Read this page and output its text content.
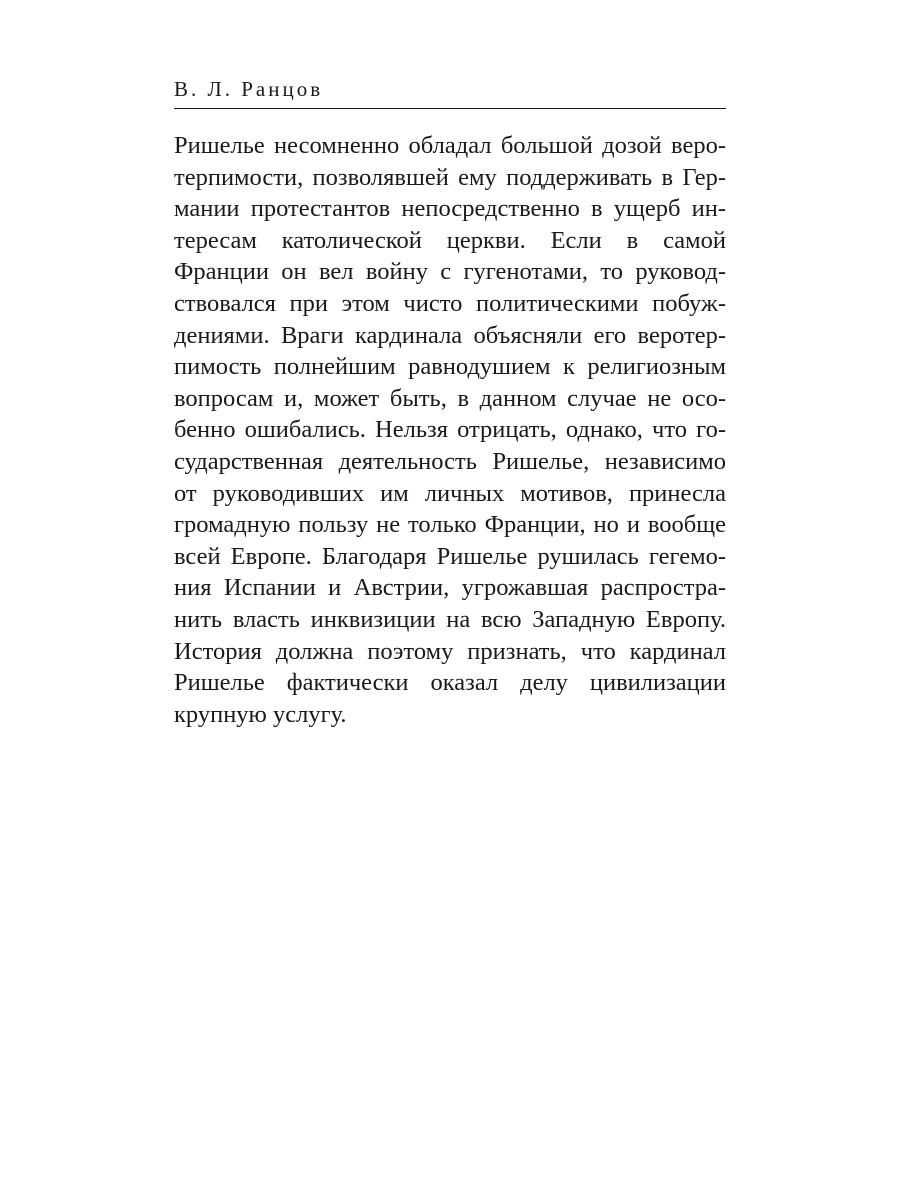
В. Л. Ранцов
Ришелье несомненно обладал большой дозой веро-
терпимости, позволявшей ему поддерживать в Гер-
мании протестантов непосредственно в ущерб ин-
тересам католической церкви. Если в самой
Франции он вел войну с гугенотами, то руковод-
ствовался при этом чисто политическими побуж-
дениями. Враги кардинала объясняли его веротер-
пимость полнейшим равнодушием к религиозным
вопросам и, может быть, в данном случае не осо-
бенно ошибались. Нельзя отрицать, однако, что го-
сударственная деятельность Ришелье, независимо
от руководивших им личных мотивов, принесла
громадную пользу не только Франции, но и вообще
всей Европе. Благодаря Ришелье рушилась гегемо-
ния Испании и Австрии, угрожавшая распростра-
нить власть инквизиции на всю Западную Европу.
История должна поэтому признать, что кардинал
Ришелье фактически оказал делу цивилизации
крупную услугу.
